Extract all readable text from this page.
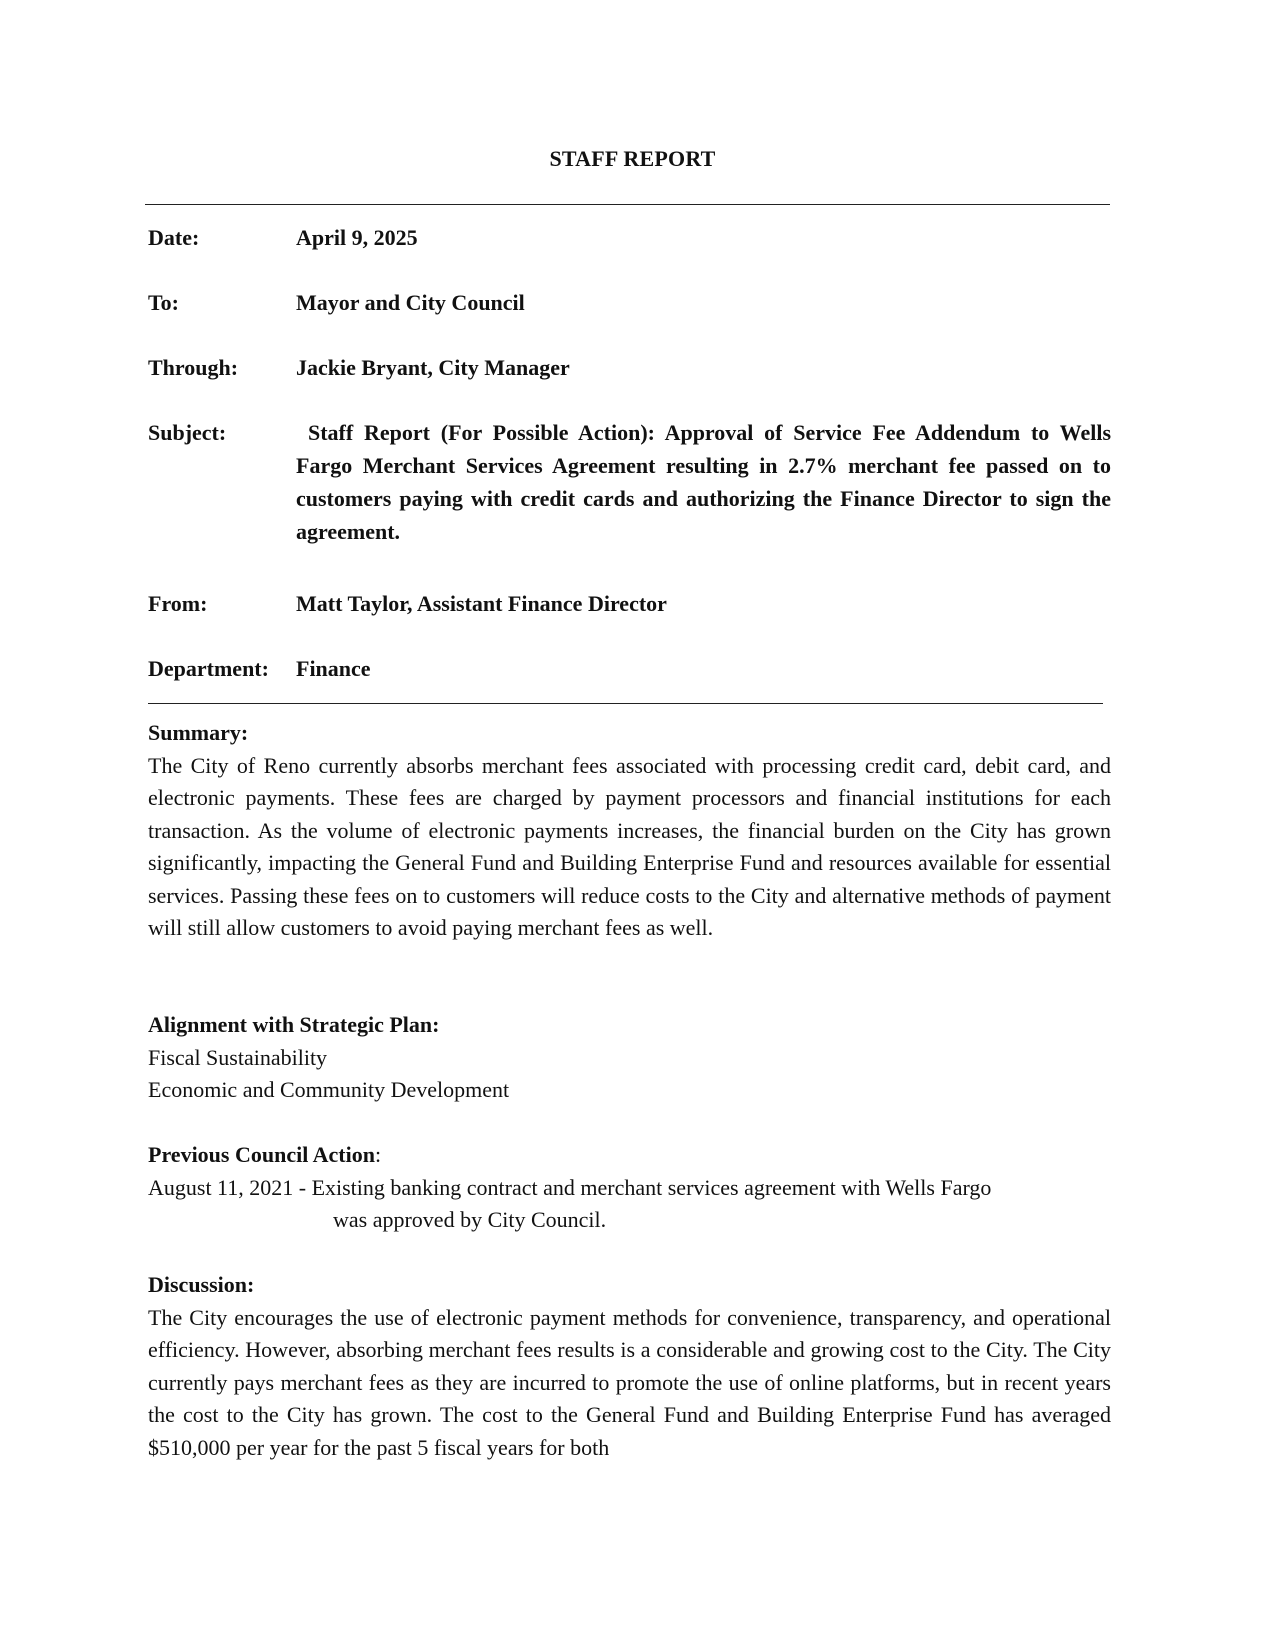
STAFF REPORT
Date:	April 9, 2025
To:	Mayor and City Council
Through:	Jackie Bryant, City Manager
Subject:	Staff Report (For Possible Action): Approval of Service Fee Addendum to Wells Fargo Merchant Services Agreement resulting in 2.7% merchant fee passed on to customers paying with credit cards and authorizing the Finance Director to sign the agreement.
From:	Matt Taylor, Assistant Finance Director
Department: Finance
Summary:
The City of Reno currently absorbs merchant fees associated with processing credit card, debit card, and electronic payments. These fees are charged by payment processors and financial institutions for each transaction. As the volume of electronic payments increases, the financial burden on the City has grown significantly, impacting the General Fund and Building Enterprise Fund and resources available for essential services. Passing these fees on to customers will reduce costs to the City and alternative methods of payment will still allow customers to avoid paying merchant fees as well.
Alignment with Strategic Plan:
Fiscal Sustainability
Economic and Community Development
Previous Council Action:
August 11, 2021 - Existing banking contract and merchant services agreement with Wells Fargo
was approved by City Council.
Discussion:
The City encourages the use of electronic payment methods for convenience, transparency, and operational efficiency. However, absorbing merchant fees results is a considerable and growing cost to the City. The City currently pays merchant fees as they are incurred to promote the use of online platforms, but in recent years the cost to the City has grown. The cost to the General Fund and Building Enterprise Fund has averaged $510,000 per year for the past 5 fiscal years for both
